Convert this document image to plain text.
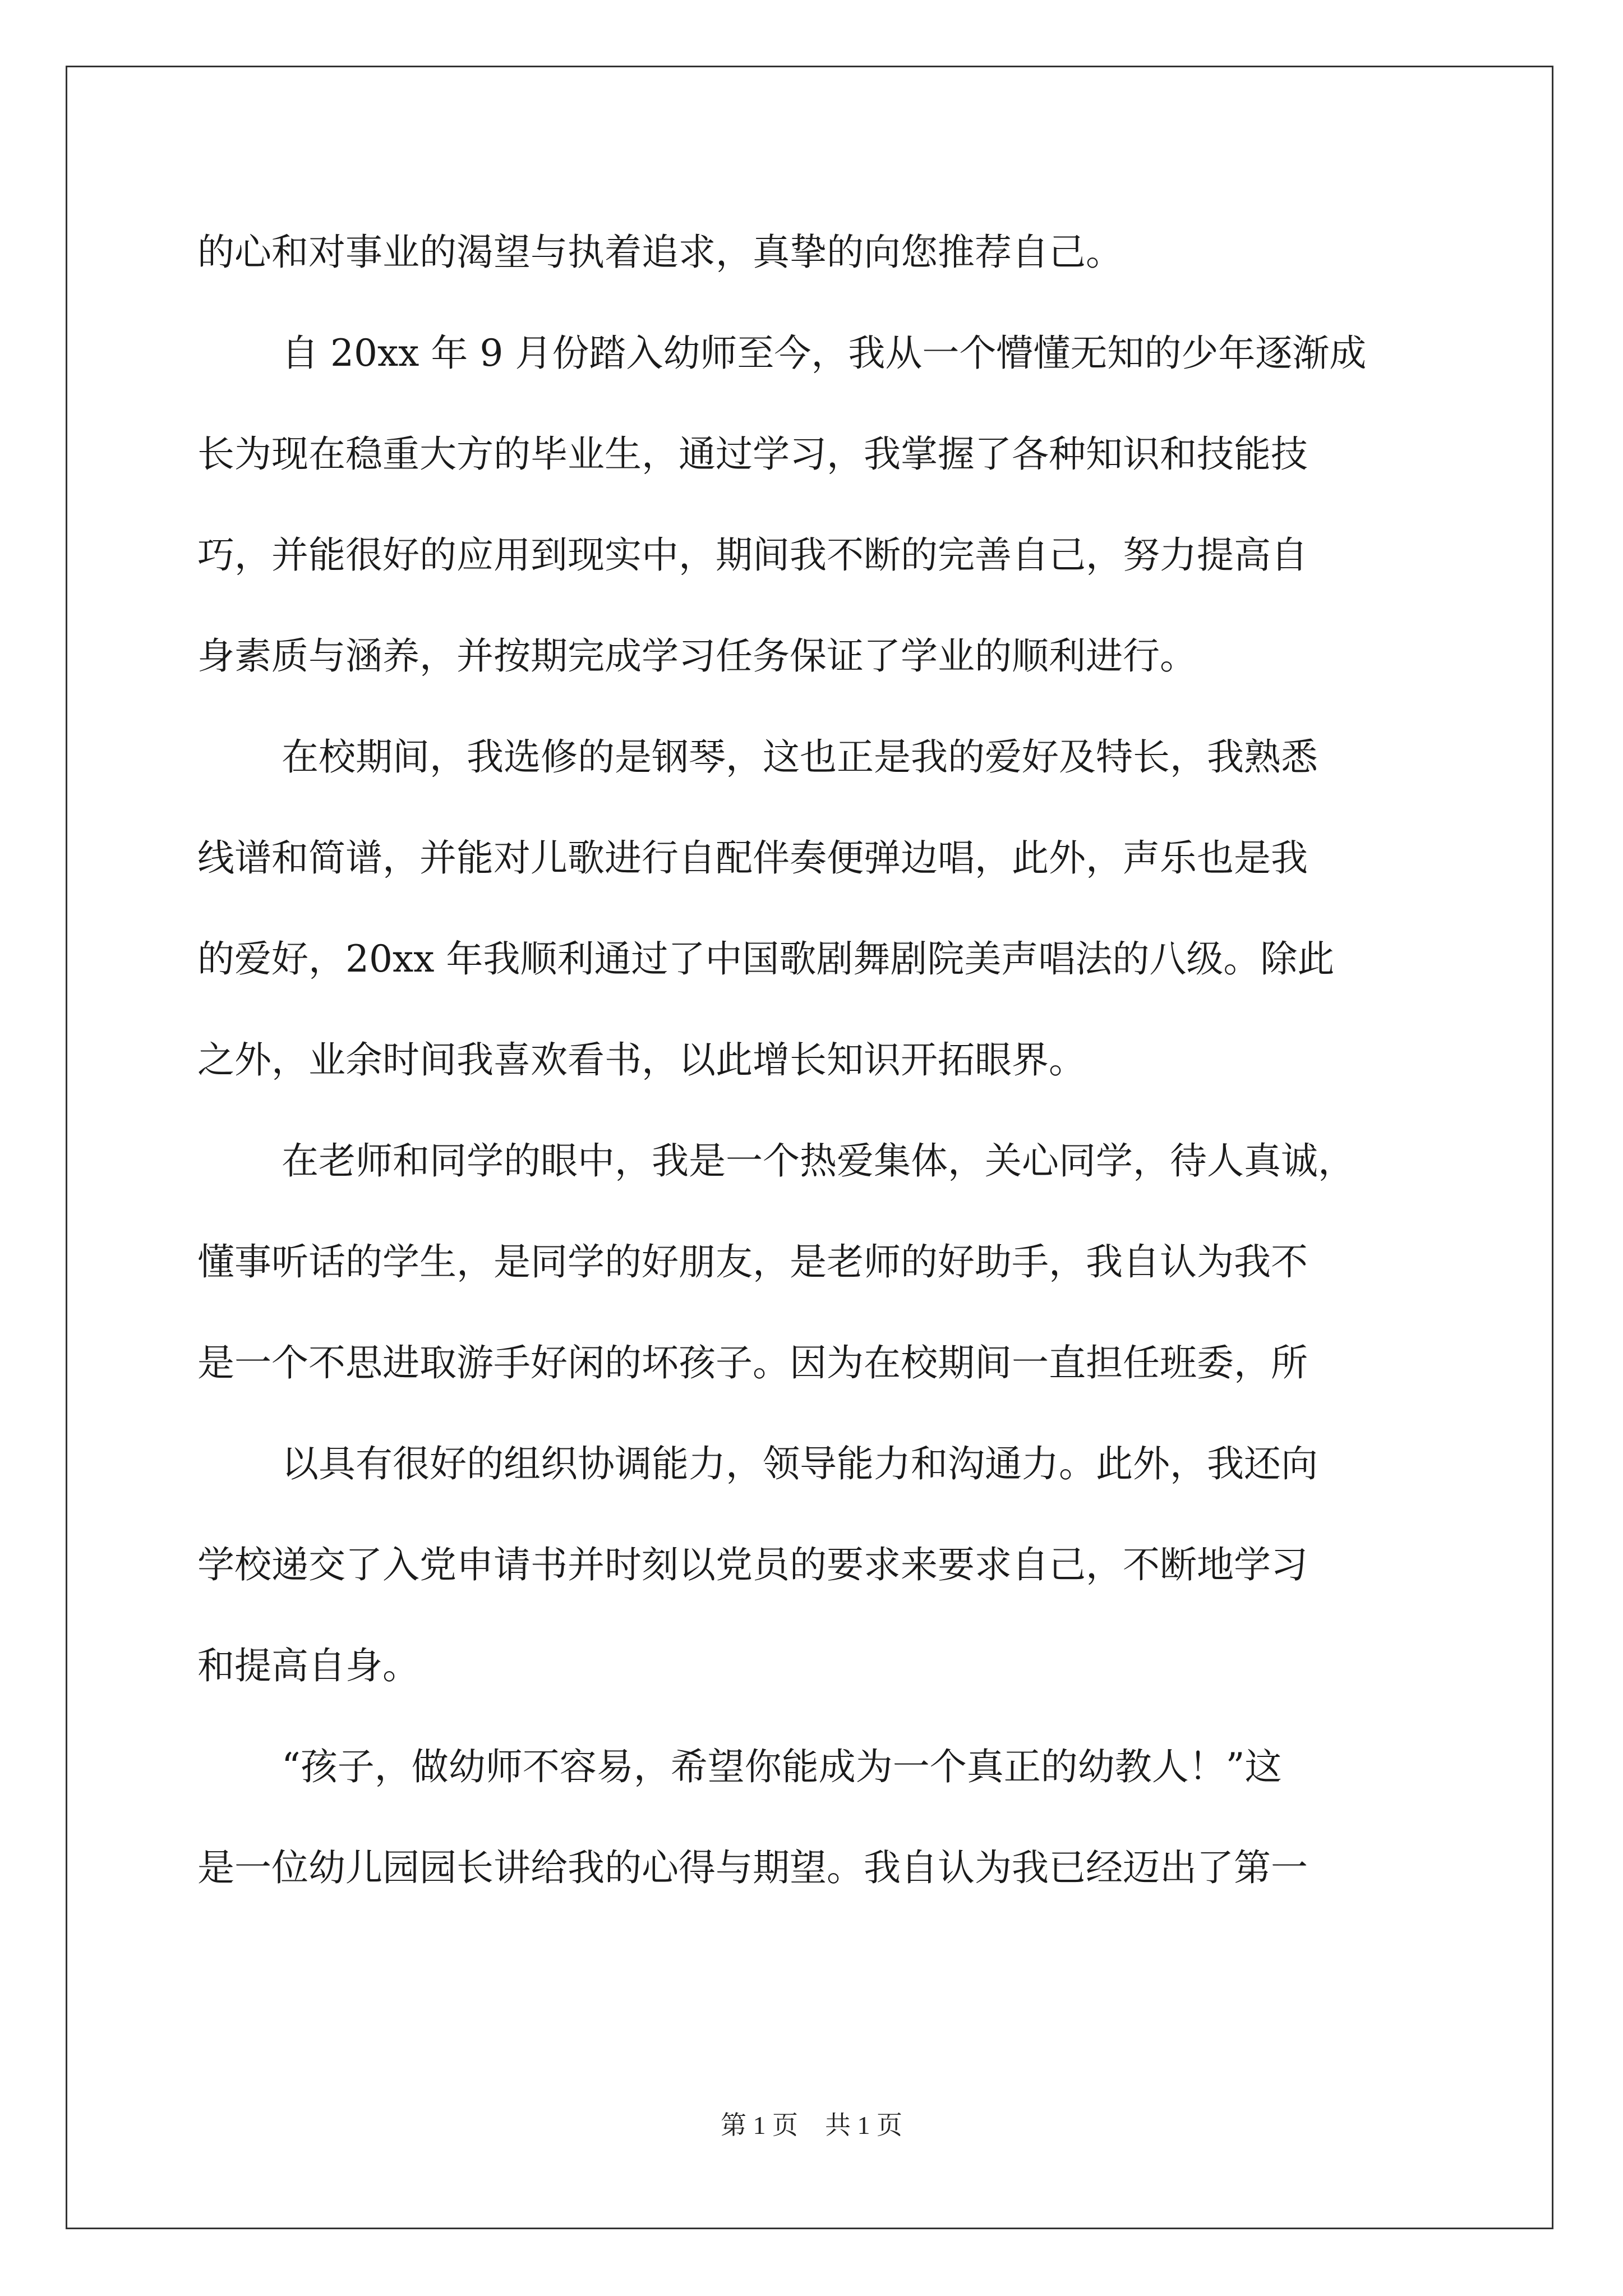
的心和对事业的渴望与执着追求，真挚的向您推荐自己。
自 20xx 年 9 月份踏入幼师至今，我从一个懵懂无知的少年逐渐成
长为现在稳重大方的毕业生，通过学习，我掌握了各种知识和技能技
巧，并能很好的应用到现实中，期间我不断的完善自己，努力提高自
身素质与涵养，并按期完成学习任务保证了学业的顺利进行。
在校期间，我选修的是钢琴，这也正是我的爱好及特长，我熟悉
线谱和简谱，并能对儿歌进行自配伴奏便弹边唱，此外，声乐也是我
的爱好，20xx 年我顺利通过了中国歌剧舞剧院美声唱法的八级。除此
之外，业余时间我喜欢看书，以此增长知识开拓眼界。
在老师和同学的眼中，我是一个热爱集体，关心同学，待人真诚，
懂事听话的学生，是同学的好朋友，是老师的好助手，我自认为我不
是一个不思进取游手好闲的坏孩子。因为在校期间一直担任班委，所
以具有很好的组织协调能力，领导能力和沟通力。此外，我还向
学校递交了入党申请书并时刻以党员的要求来要求自己，不断地学习
和提高自身。
“孩子，做幼师不容易，希望你能成为一个真正的幼教人！”这
是一位幼儿园园长讲给我的心得与期望。我自认为我已经迈出了第一
第 1 页 共 1 页
